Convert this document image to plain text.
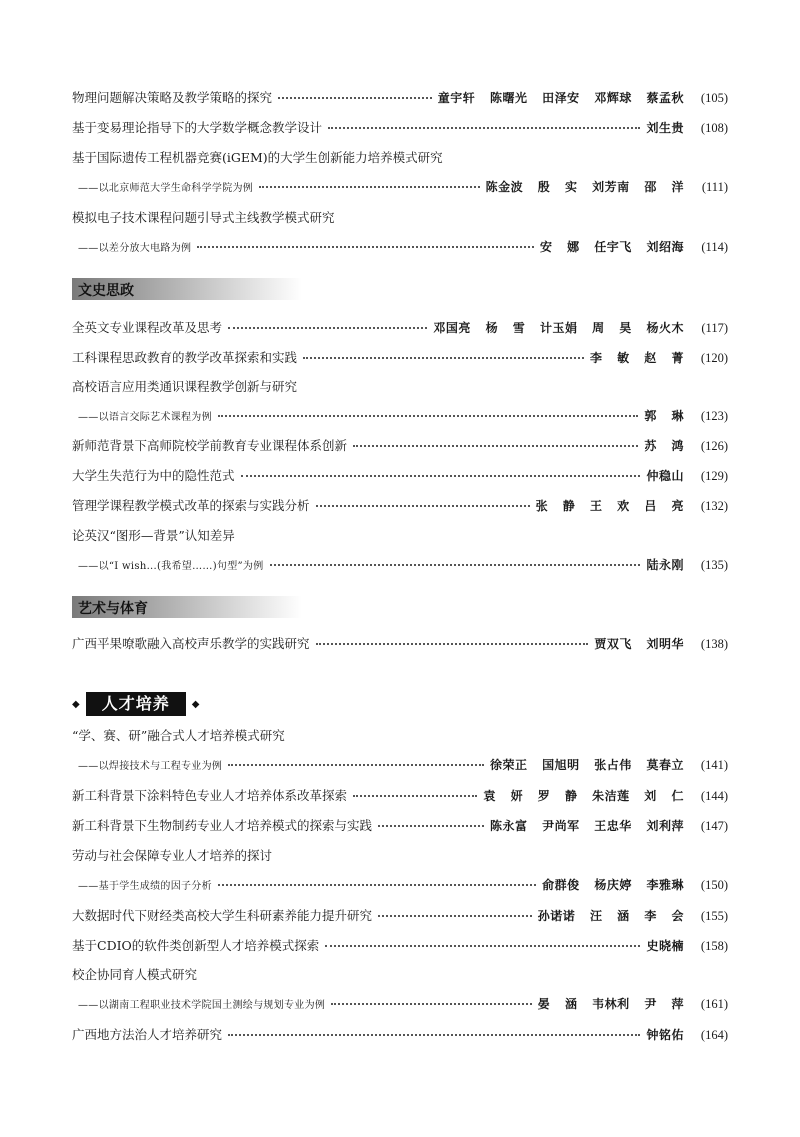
物理问题解决策略及教学策略的探究	童宇轩 陈曙光 田泽安 邓辉球 蔡孟秋	(105)
基于变易理论指导下的大学数学概念教学设计	刘生贵	(108)
基于国际遗传工程机器竞赛(iGEM)的大学生创新能力培养模式研究
——以北京师范大学生命科学学院为例	陈金波 殷 实 刘芳南 邵 洋	(111)
模拟电子技术课程问题引导式主线教学模式研究
——以差分放大电路为例	安 娜 任宇飞 刘绍海	(114)
文史思政
全英文专业课程改革及思考	邓国亮 杨 雪 计玉娟 周 昊 杨火木	(117)
工科课程思政教育的教学改革探索和实践	李 敏 赵 菁	(120)
高校语言应用类通识课程教学创新与研究
——以语言交际艺术课程为例	郭 琳	(123)
新师范背景下高师院校学前教育专业课程体系创新	苏 鸿	(126)
大学生失范行为中的隐性范式	仲稳山	(129)
管理学课程教学模式改革的探索与实践分析	张 静 王 欢 吕 亮	(132)
论英汉“图形—背景”认知差异
——以“I wish...(我希望……)句型”为例	陆永刚	(135)
艺术与体育
广西平果嘹歌融入高校声乐教学的实践研究	贾双飞 刘明华	(138)
◆	人才培养	◆
“学、赛、研”融合式人才培养模式研究
——以焊接技术与工程专业为例	徐荣正 国旭明 张占伟 莫春立	(141)
新工科背景下涂料特色专业人才培养体系改革探索	袁 妍 罗 静 朱洁莲 刘 仁	(144)
新工科背景下生物制药专业人才培养模式的探索与实践	陈永富 尹尚军 王忠华 刘利萍	(147)
劳动与社会保障专业人才培养的探讨
——基于学生成绩的因子分析	俞群俊 杨庆婷 李雅琳	(150)
大数据时代下财经类高校大学生科研素养能力提升研究	孙诺诺 汪 涵 李 会	(155)
基于CDIO的软件类创新型人才培养模式探索	史晓楠	(158)
校企协同育人模式研究
——以湖南工程职业技术学院国土测绘与规划专业为例	晏 涵 韦林利 尹 萍	(161)
广西地方法治人才培养研究	钟铭佑	(164)
